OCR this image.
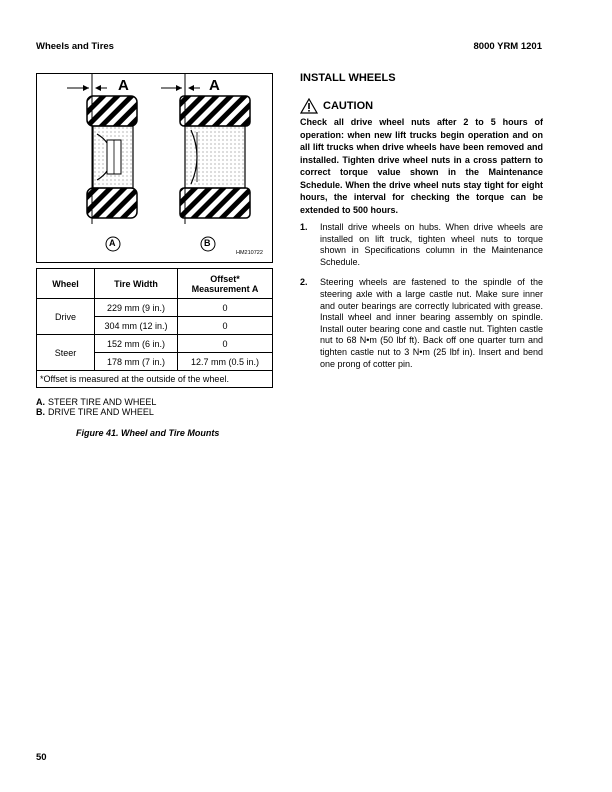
Wheels and Tires	8000 YRM 1201
A	A
A	B
HM210722
Wheel	Tire Width	Offset*
Measurement A
Drive	229 mm (9 in.)	0
	304 mm (12 in.)	0
Steer	152 mm (6 in.)	0
	178 mm (7 in.)	12.7 mm (0.5 in.)
*Offset is measured at the outside of the wheel.		
A. STEER TIRE AND WHEEL
B. DRIVE TIRE AND WHEEL
Figure 41. Wheel and Tire Mounts
INSTALL WHEELS
CAUTION
Check all drive wheel nuts after 2 to 5 hours of operation: when new lift trucks begin operation and on all lift trucks when drive wheels have been removed and installed. Tighten drive wheel nuts in a cross pattern to correct torque value shown in the Maintenance Schedule. When the drive wheel nuts stay tight for eight hours, the interval for checking the torque can be extended to 500 hours.
1.	Install drive wheels on hubs. When drive wheels are installed on lift truck, tighten wheel nuts to torque shown in Specifications column in the Maintenance Schedule.
2.	Steering wheels are fastened to the spindle of the steering axle with a large castle nut. Make sure inner and outer bearings are correctly lubricated with grease. Install wheel and inner bearing assembly on spindle. Install outer bearing cone and castle nut. Tighten castle nut to 68 N•m (50 lbf ft). Back off one quarter turn and tighten castle nut to 3 N•m (25 lbf in). Insert and bend one prong of cotter pin.
50
